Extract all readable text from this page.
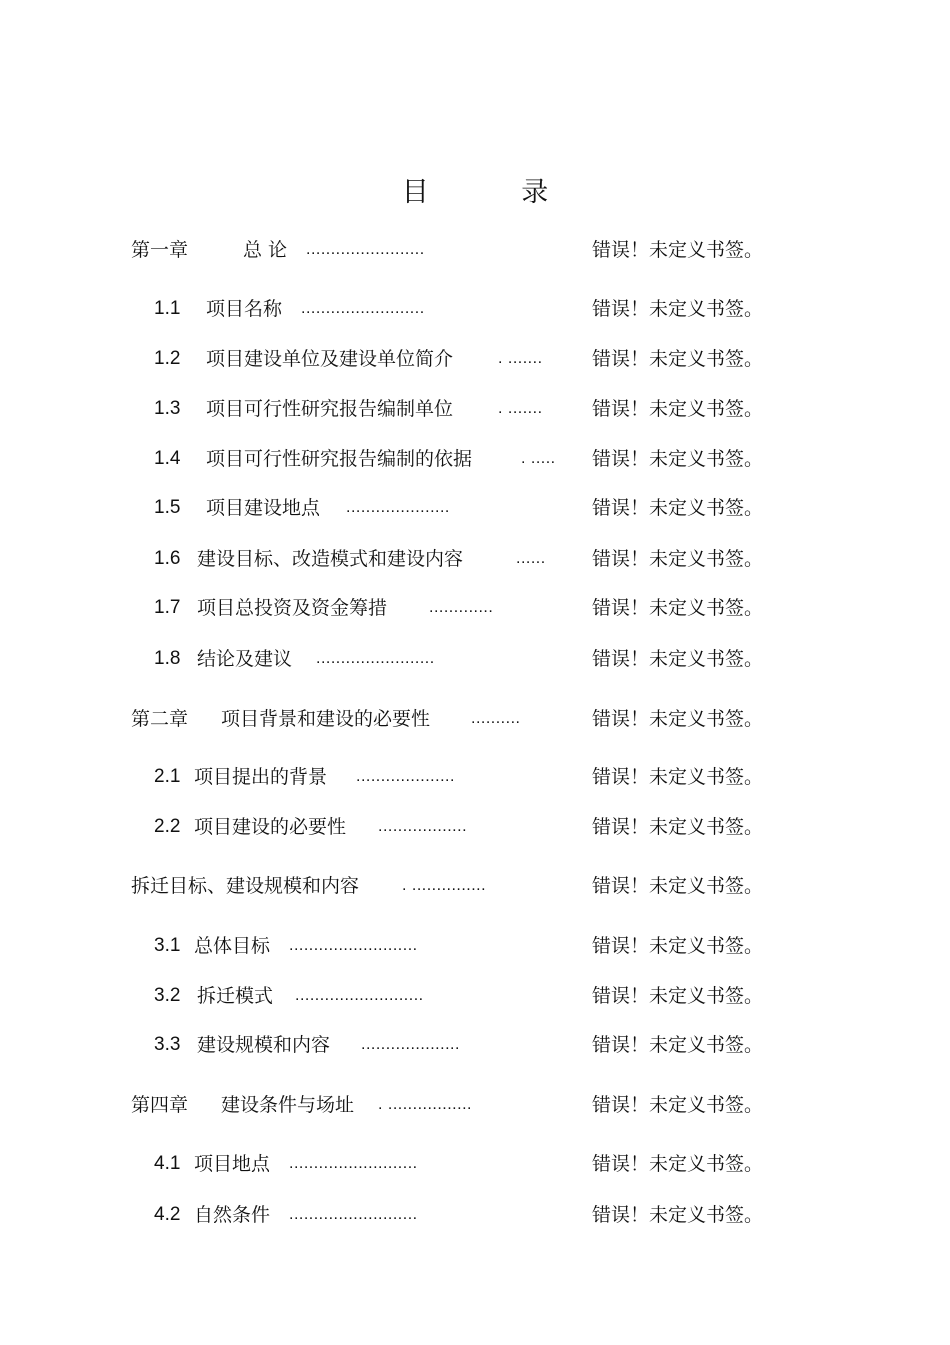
目 录
第一章	总 论 ........................	错误！未定义书签。
1.1 项目名称 .........................	错误！未定义书签。
1.2 项目建设单位及建设单位简介	. .......	错误！未定义书签。
1.3 项目可行性研究报告编制单位	. .......	错误！未定义书签。
1.4 项目可行性研究报告编制的依据	. ..... 错误！未定义书签。
1.5 项目建设地点 .....................	错误！未定义书签。
1.6 建设目标、改造模式和建设内容	...... 错误！未定义书签。
1.7 项目总投资及资金筹措	.............	错误！未定义书签。
1.8 结论及建议 ........................	错误！未定义书签。
第二章 项目背景和建设的必要性	..........	错误！未定义书签。
2.1 项目提出的背景 ....................	错误！未定义书签。
2.2 项目建设的必要性 ..................	错误！未定义书签。
拆迁目标、建设规模和内容	. ...............	错误！未定义书签。
3.1 总体目标 ..........................	错误！未定义书签。
3.2 拆迁模式 ..........................	错误！未定义书签。
3.3 建设规模和内容 ....................	错误！未定义书签。
第四章 建设条件与场址 . .................	错误！未定义书签。
4.1 项目地点 ..........................	错误！未定义书签。
4.2 自然条件 ..........................	错误！未定义书签。
